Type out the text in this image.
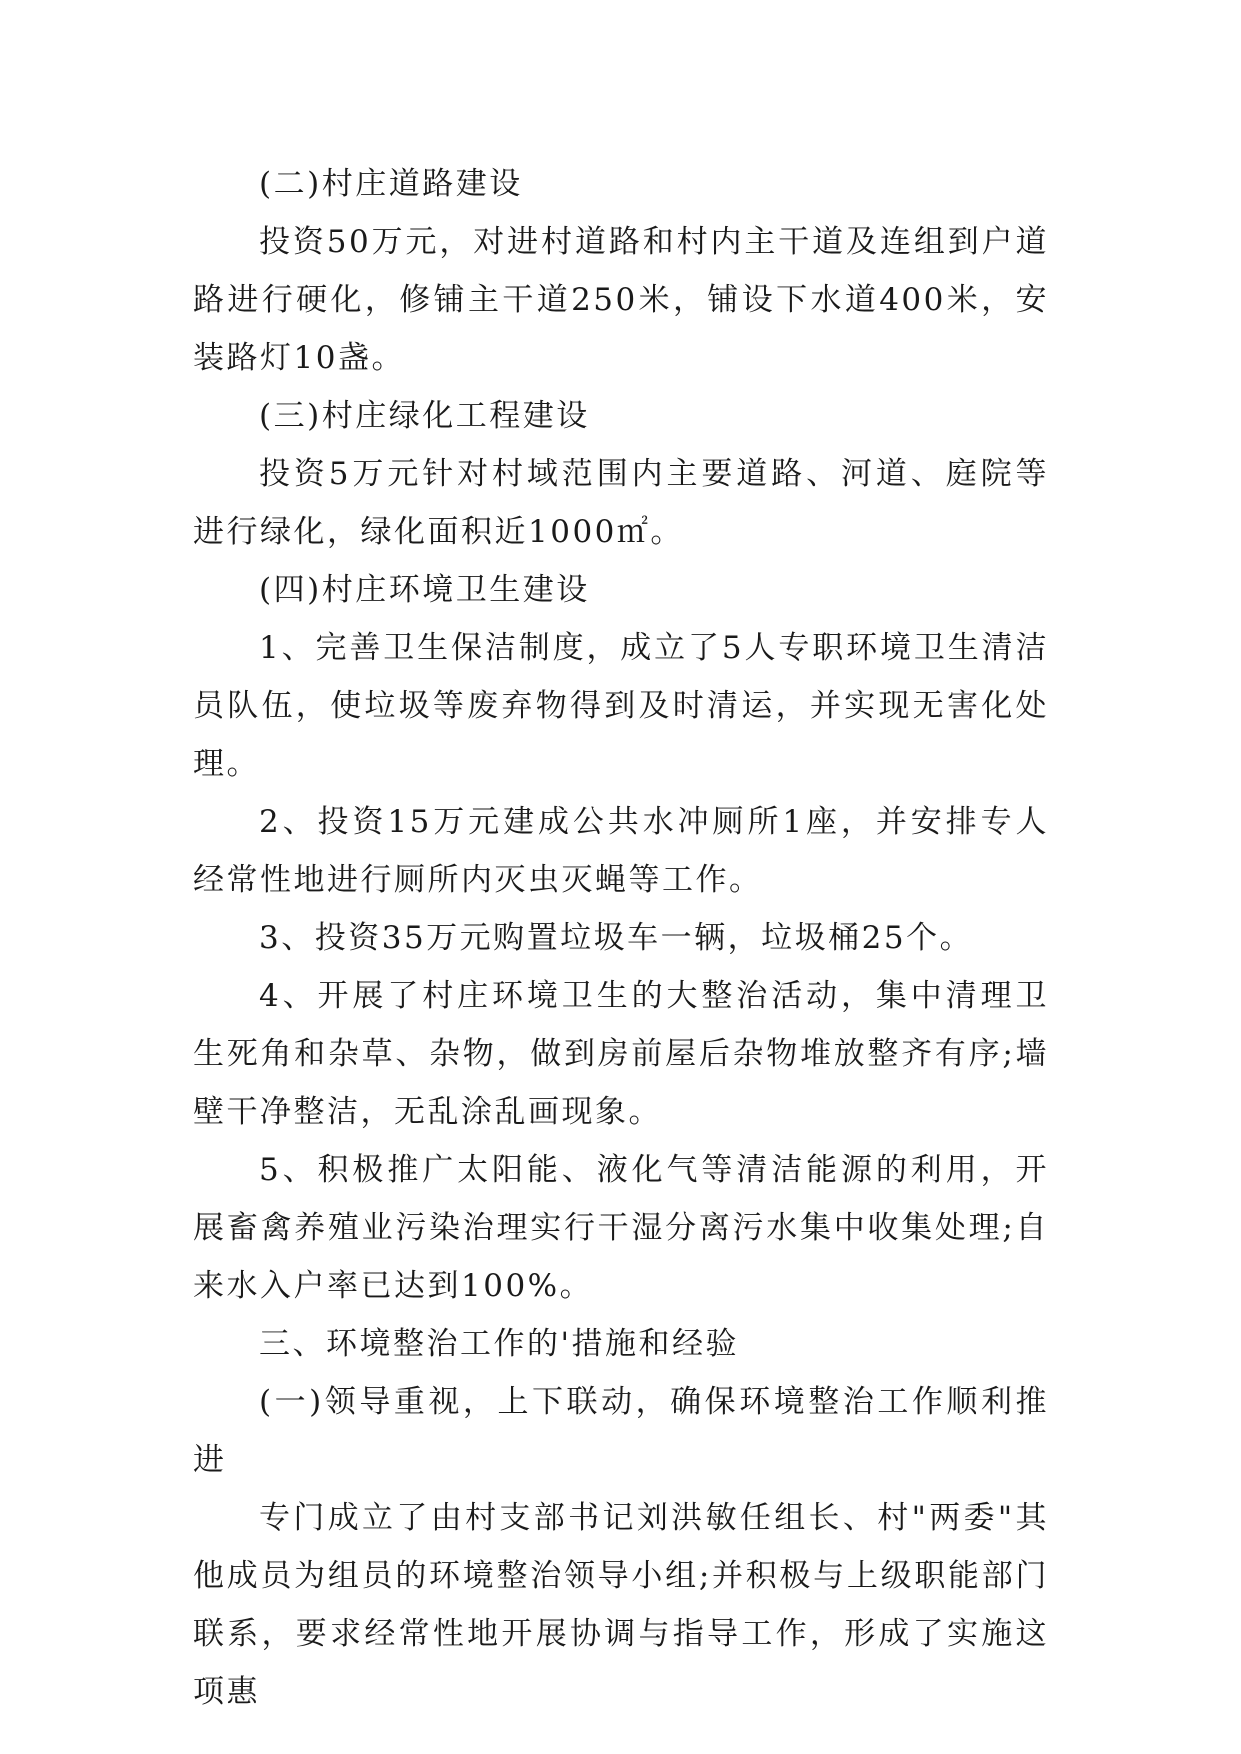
(二)村庄道路建设

投资50万元，对进村道路和村内主干道及连组到户道路进行硬化，修铺主干道250米，铺设下水道400米，安装路灯10盏。

(三)村庄绿化工程建设

投资5万元针对村域范围内主要道路、河道、庭院等进行绿化，绿化面积近1000㎡。

(四)村庄环境卫生建设

1、完善卫生保洁制度，成立了5人专职环境卫生清洁员队伍，使垃圾等废弃物得到及时清运，并实现无害化处理。

2、投资15万元建成公共水冲厕所1座，并安排专人经常性地进行厕所内灭虫灭蝇等工作。

3、投资35万元购置垃圾车一辆，垃圾桶25个。

4、开展了村庄环境卫生的大整治活动，集中清理卫生死角和杂草、杂物，做到房前屋后杂物堆放整齐有序;墙壁干净整洁，无乱涂乱画现象。

5、积极推广太阳能、液化气等清洁能源的利用，开展畜禽养殖业污染治理实行干湿分离污水集中收集处理;自来水入户率已达到100%。

三、环境整治工作的'措施和经验

(一)领导重视，上下联动，确保环境整治工作顺利推进

专门成立了由村支部书记刘洪敏任组长、村"两委"其他成员为组员的环境整治领导小组;并积极与上级职能部门联系，要求经常性地开展协调与指导工作，形成了实施这项惠
